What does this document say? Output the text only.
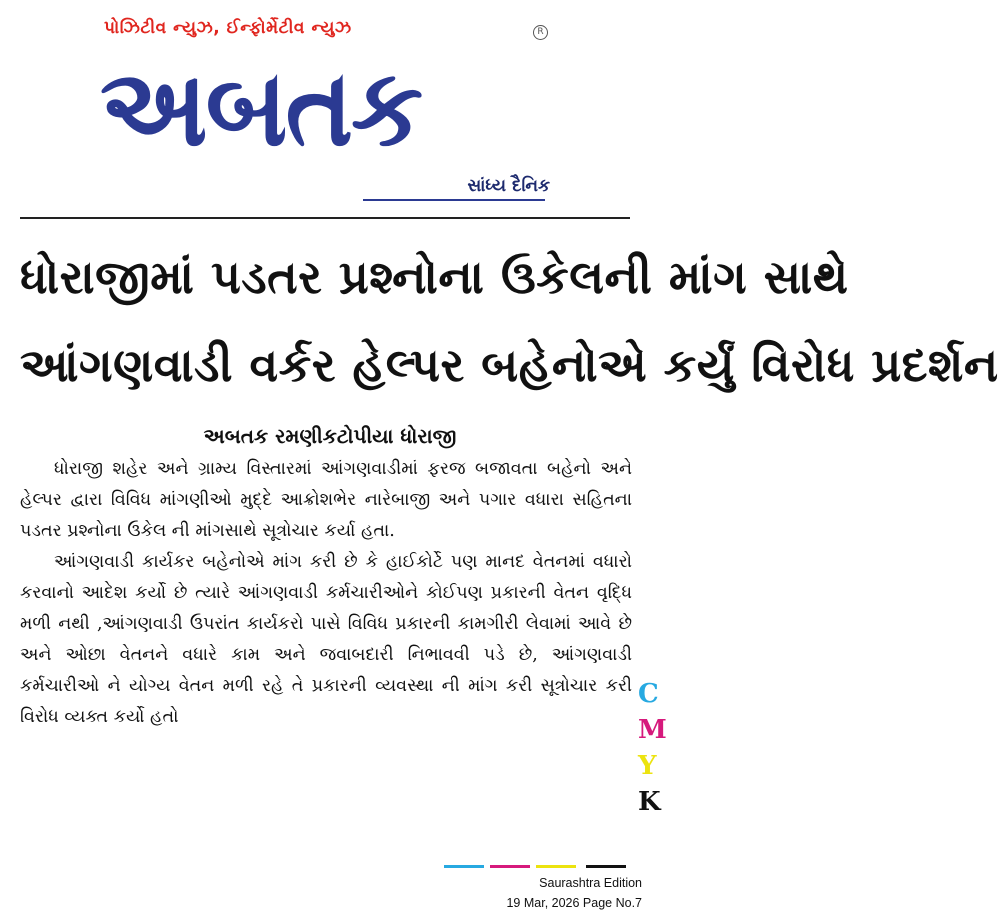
પોઝિટીવ ન્યુઝ, ઈન્ફોર્મેટીવ ન્યુઝ	R
અબતક
સાંધ્ય દૈનિક
ધોરાજીમાં પડતર પ્રશ્નોના ઉકેલની માંગ સાથે
આંગણવાડી વર્કર હેલ્પર બહેનોએ કર્યું વિરોધ પ્રદર્શન
અબતક રમણીકટોપીયા ધોરાજી

ધોરાજી શહેર અને ગ્રામ્ય વિસ્તારમાં આંગણવાડીમાં ફરજ બજાવતા બહેનો અને હેલ્પર દ્વારા વિવિધ માંગણીઓ મુદ્દે આક્રોશભેર નારેબાજી અને પગાર વધારા સહિતના પડતર પ્રશ્નોના ઉકેલ ની માંગસાથે સૂત્રોચાર કર્યા હતા.

આંગણવાડી કાર્યકર બહેનોએ માંગ કરી છે કે હાઈકોર્ટે પણ માનદ વેતનમાં વધારો કરવાનો આદેશ કર્યો છે ત્યારે આંગણવાડી કર્મચારીઓને કોઈપણ પ્રકારની વેતન વૃદ્ધિ મળી નથી ,આંગણવાડી ઉપરાંત કાર્યકરો પાસે વિવિધ પ્રકારની કામગીરી લેવામાં આવે છે અને ઓછા વેતનને વધારે કામ અને જવાબદારી નિભાવવી પડે છે, આંગણવાડી કર્મચારીઓ ને યોગ્ય વેતન મળી રહે તે પ્રકારની વ્યવસ્થા ની માંગ કરી સૂત્રોચાર કરી વિરોધ વ્યક્ત કર્યો હતો

C
M
Y
K
Saurashtra Edition
19 Mar, 2026 Page No.7
